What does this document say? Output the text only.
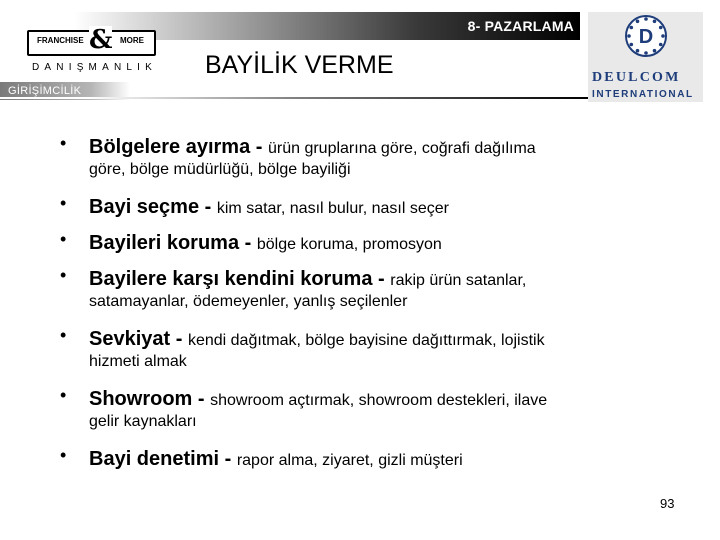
8- PAZARLAMA
GİRİŞİMCİLİK
FRANCHISE & MORE
DANIŞMANLIK BAYİLİK VERME
D
DEULCOM
INTERNATIONAL
• Bölgelere ayırma - ürün gruplarına göre, coğrafi dağılıma
göre, bölge müdürlüğü, bölge bayiliği
• Bayi seçme - kim satar, nasıl bulur, nasıl seçer
• Bayileri koruma - bölge koruma, promosyon
• Bayilere karşı kendini koruma - rakip ürün satanlar,
satamayanlar, ödemeyenler, yanlış seçilenler
• Sevkiyat - kendi dağıtmak, bölge bayisine dağıttırmak, lojistik
hizmeti almak
• Showroom - showroom açtırmak, showroom destekleri, ilave
gelir kaynakları
• Bayi denetimi - rapor alma, ziyaret, gizli müşteri
93
